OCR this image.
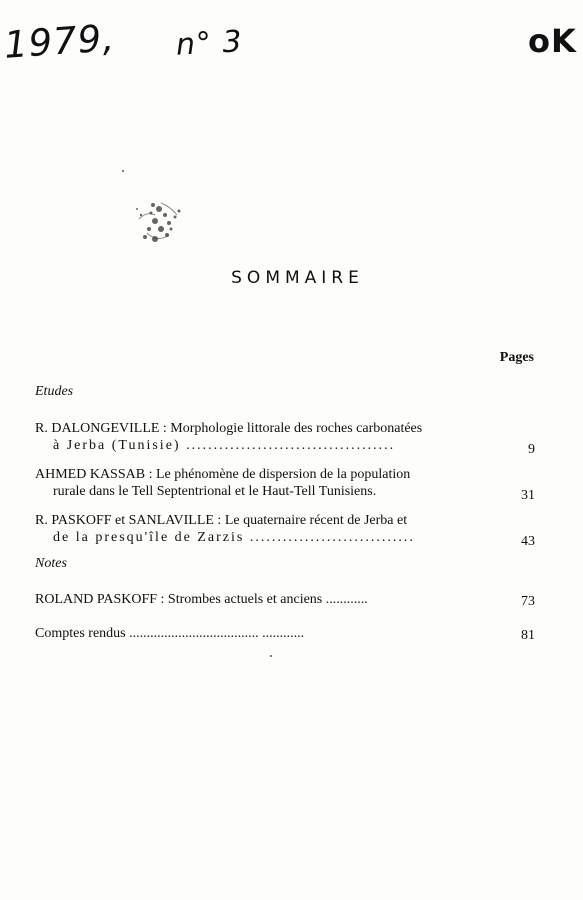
1979, n° 3	oK
SOMMAIRE
Pages
Etudes
R. DALONGEVILLE : Morphologie littorale des roches carbonatées
à Jerba (Tunisie) ......................................	9
AHMED KASSAB : Le phénomène de dispersion de la population
rurale dans le Tell Septentrional et le Haut-Tell Tunisiens.	31
R. PASKOFF et SANLAVILLE : Le quaternaire récent de Jerba et
de la presqu'île de Zarzis ..............................	43
Notes
ROLAND PASKOFF : Strombes actuels et anciens ............	73
Comptes rendus ..................................... ............	81
